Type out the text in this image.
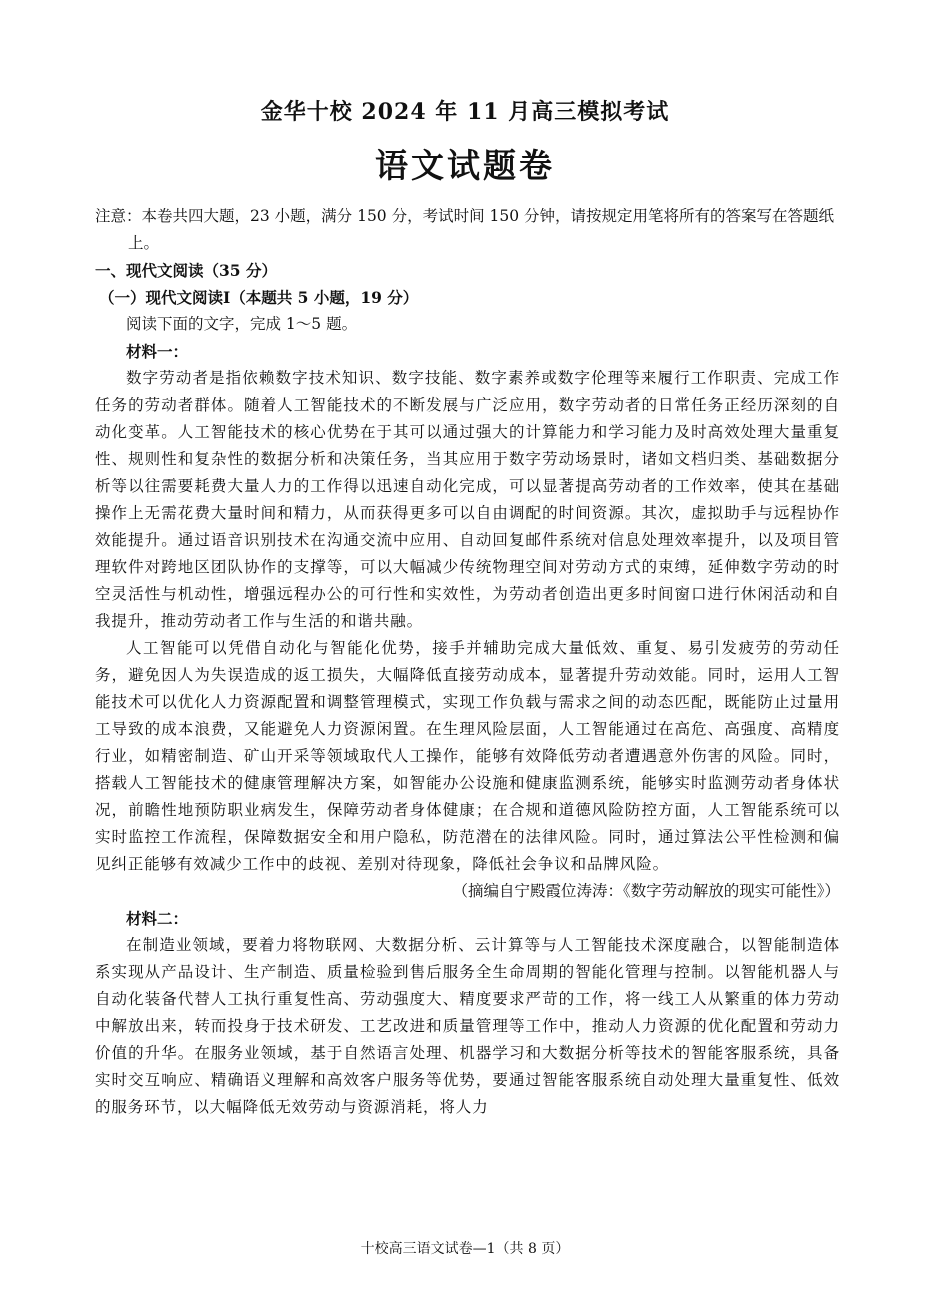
金华十校 2024 年 11 月高三模拟考试
语文试题卷

注意：本卷共四大题，23 小题，满分 150 分，考试时间 150 分钟，请按规定用笔将所有的答案写在答题纸上。

一、现代文阅读（35 分）

（一）现代文阅读Ⅰ（本题共 5 小题，19 分）

阅读下面的文字，完成 1～5 题。

材料一：

数字劳动者是指依赖数字技术知识、数字技能、数字素养或数字伦理等来履行工作职责、完成工作任务的劳动者群体。随着人工智能技术的不断发展与广泛应用，数字劳动者的日常任务正经历深刻的自动化变革。人工智能技术的核心优势在于其可以通过强大的计算能力和学习能力及时高效处理大量重复性、规则性和复杂性的数据分析和决策任务，当其应用于数字劳动场景时，诸如文档归类、基础数据分析等以往需要耗费大量人力的工作得以迅速自动化完成，可以显著提高劳动者的工作效率，使其在基础操作上无需花费大量时间和精力，从而获得更多可以自由调配的时间资源。其次，虚拟助手与远程协作效能提升。通过语音识别技术在沟通交流中应用、自动回复邮件系统对信息处理效率提升，以及项目管理软件对跨地区团队协作的支撑等，可以大幅减少传统物理空间对劳动方式的束缚，延伸数字劳动的时空灵活性与机动性，增强远程办公的可行性和实效性，为劳动者创造出更多时间窗口进行休闲活动和自我提升，推动劳动者工作与生活的和谐共融。

人工智能可以凭借自动化与智能化优势，接手并辅助完成大量低效、重复、易引发疲劳的劳动任务，避免因人为失误造成的返工损失，大幅降低直接劳动成本，显著提升劳动效能。同时，运用人工智能技术可以优化人力资源配置和调整管理模式，实现工作负载与需求之间的动态匹配，既能防止过量用工导致的成本浪费，又能避免人力资源闲置。在生理风险层面，人工智能通过在高危、高强度、高精度行业，如精密制造、矿山开采等领域取代人工操作，能够有效降低劳动者遭遇意外伤害的风险。同时，搭载人工智能技术的健康管理解决方案，如智能办公设施和健康监测系统，能够实时监测劳动者身体状况，前瞻性地预防职业病发生，保障劳动者身体健康；在合规和道德风险防控方面，人工智能系统可以实时监控工作流程，保障数据安全和用户隐私，防范潜在的法律风险。同时，通过算法公平性检测和偏见纠正能够有效减少工作中的歧视、差别对待现象，降低社会争议和品牌风险。

（摘编自宁殿霞位涛涛：《数字劳动解放的现实可能性》）

材料二：

在制造业领域，要着力将物联网、大数据分析、云计算等与人工智能技术深度融合，以智能制造体系实现从产品设计、生产制造、质量检验到售后服务全生命周期的智能化管理与控制。以智能机器人与自动化装备代替人工执行重复性高、劳动强度大、精度要求严苛的工作，将一线工人从繁重的体力劳动中解放出来，转而投身于技术研发、工艺改进和质量管理等工作中，推动人力资源的优化配置和劳动力价值的升华。在服务业领域，基于自然语言处理、机器学习和大数据分析等技术的智能客服系统，具备实时交互响应、精确语义理解和高效客户服务等优势，要通过智能客服系统自动处理大量重复性、低效的服务环节，以大幅降低无效劳动与资源消耗，将人力

十校高三语文试卷—1（共 8 页）
